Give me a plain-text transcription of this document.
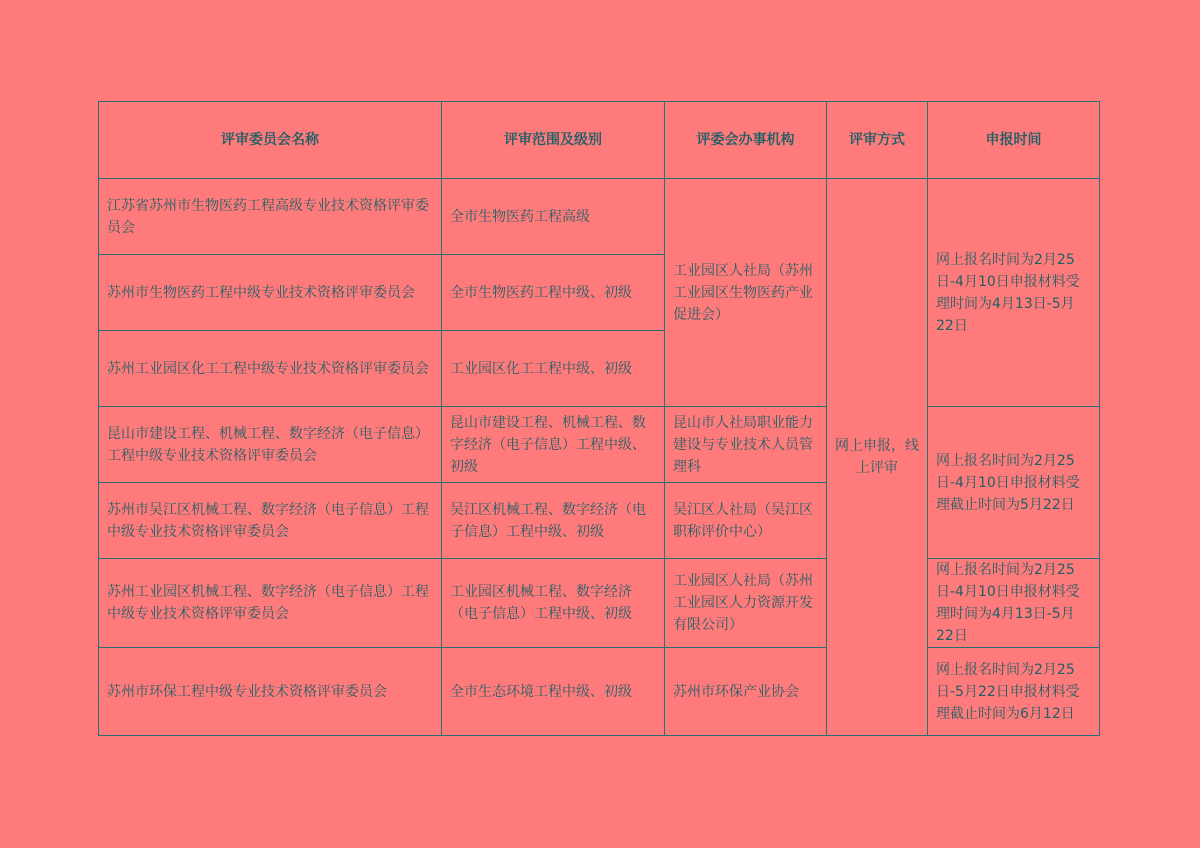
评审委员会名称	评审范围及级别	评委会办事机构	评审方式	申报时间
江苏省苏州市生物医药工程高级专业技术资格评审委员会	全市生物医药工程高级	工业园区人社局（苏州工业园区生物医药产业促进会）	网上申报，线上评审	网上报名时间为2月25日-4月10日申报材料受理时间为4月13日-5月22日
苏州市生物医药工程中级专业技术资格评审委员会	全市生物医药工程中级、初级			
苏州工业园区化工工程中级专业技术资格评审委员会	工业园区化工工程中级、初级			
昆山市建设工程、机械工程、数字经济（电子信息）工程中级专业技术资格评审委员会	昆山市建设工程、机械工程、数字经济（电子信息）工程中级、初级	昆山市人社局职业能力建设与专业技术人员管理科		网上报名时间为2月25日-4月10日申报材料受理截止时间为5月22日
苏州市吴江区机械工程、数字经济（电子信息）工程中级专业技术资格评审委员会	吴江区机械工程、数字经济（电子信息）工程中级、初级	吴江区人社局（吴江区职称评价中心）		
苏州工业园区机械工程、数字经济（电子信息）工程中级专业技术资格评审委员会	工业园区机械工程、数字经济（电子信息）工程中级、初级	工业园区人社局（苏州工业园区人力资源开发有限公司）		网上报名时间为2月25日-4月10日申报材料受理时间为4月13日-5月22日
苏州市环保工程中级专业技术资格评审委员会	全市生态环境工程中级、初级	苏州市环保产业协会		网上报名时间为2月25日-5月22日申报材料受理截止时间为6月12日
